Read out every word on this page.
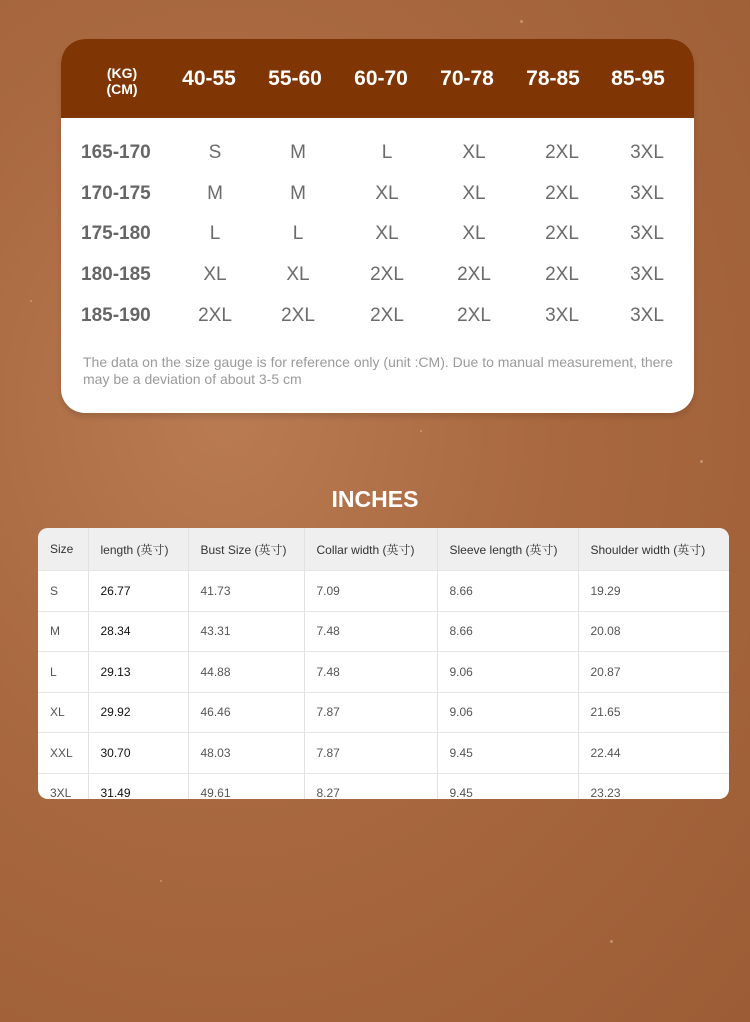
(KG)
(CM)	40-55	55-60	60-70	70-78	78-85	85-95
165-170	S	M	L	XL	2XL	3XL
170-175	M	M	XL	XL	2XL	3XL
175-180	L	L	XL	XL	2XL	3XL
180-185	XL	XL	2XL	2XL	2XL	3XL
185-190	2XL	2XL	2XL	2XL	3XL	3XL
The data on the size gauge is for reference only (unit :CM). Due to manual measurement, there may be a deviation of about 3-5 cm
INCHES
Size	length (英寸)	Bust Size (英寸)	Collar width (英寸)	Sleeve length (英寸)	Shoulder width (英寸)
S	26.77	41.73	7.09	8.66	19.29
M	28.34	43.31	7.48	8.66	20.08
L	29.13	44.88	7.48	9.06	20.87
XL	29.92	46.46	7.87	9.06	21.65
XXL	30.70	48.03	7.87	9.45	22.44
3XL	31.49	49.61	8.27	9.45	23.23
